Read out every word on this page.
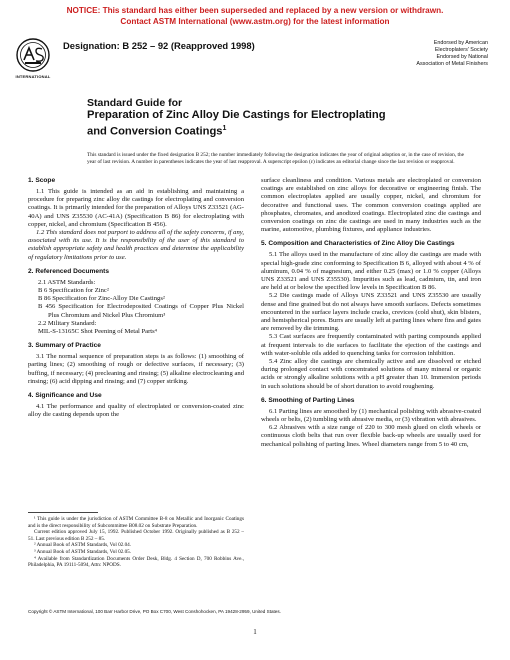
NOTICE: This standard has either been superseded and replaced by a new version or withdrawn.
Contact ASTM International (www.astm.org) for the latest information
INTERNATIONAL
Designation: B 252 – 92 (Reapproved 1998)	Endorsed by American
Electroplaters' Society
Endorsed by National
Association of Metal Finishers
Standard Guide for
Preparation of Zinc Alloy Die Castings for Electroplating
and Conversion Coatings$^1$
This standard is issued under the fixed designation B 252; the number immediately following the designation indicates the year of original adoption or, in the case of revision, the year of last revision. A number in parentheses indicates the year of last reapproval. A superscript epsilon (ε) indicates an editorial change since the last revision or reapproval.
1. Scope

1.1 This guide is intended as an aid in establishing and maintaining a procedure for preparing zinc alloy die castings for electroplating and conversion coatings. It is primarily intended for the preparation of Alloys UNS Z33521 (AG-40A) and UNS Z35530 (AC-41A) (Specification B 86) for electroplating with copper, nickel, and chromium (Specification B 456).

1.2 This standard does not purport to address all of the safety concerns, if any, associated with its use. It is the responsibility of the user of this standard to establish appropriate safety and health practices and determine the applicability of regulatory limitations prior to use.

2. Referenced Documents

2.1 ASTM Standards:

B 6 Specification for Zinc²

B 86 Specification for Zinc-Alloy Die Castings²

B 456 Specification for Electrodeposited Coatings of Copper Plus Nickel Plus Chromium and Nickel Plus Chromium³

2.2 Military Standard:

MIL-S-13165C Shot Peening of Metal Parts⁴

3. Summary of Practice

3.1 The normal sequence of preparation steps is as follows: (1) smoothing of parting lines; (2) smoothing of rough or defective surfaces, if necessary; (3) buffing, if necessary; (4) precleaning and rinsing; (5) alkaline electrocleaning and rinsing; (6) acid dipping and rinsing; and (7) copper striking.

4. Significance and Use

4.1 The performance and quality of electroplated or conversion-coated zinc alloy die casting depends upon the

surface cleanliness and condition. Various metals are electroplated or conversion coatings are established on zinc alloys for decorative or engineering finish. The common electroplates applied are usually copper, nickel, and chromium for decorative and functional uses. The common conversion coatings applied are phosphates, chromates, and anodized coatings. Electroplated zinc die castings and conversion coatings on zinc die castings are used in many industries such as the marine, automotive, plumbing fixtures, and appliance industries.

5. Composition and Characteristics of Zinc Alloy Die Castings

5.1 The alloys used in the manufacture of zinc alloy die castings are made with special high-grade zinc conforming to Specification B 6, alloyed with about 4 % of aluminum, 0.04 % of magnesium, and either 0.25 (max) or 1.0 % copper (Alloys UNS Z33521 and UNS Z35530). Impurities such as lead, cadmium, tin, and iron are held at or below the specified low levels in Specification B 86.

5.2 Die castings made of Alloys UNS Z33521 and UNS Z35530 are usually dense and fine grained but do not always have smooth surfaces. Defects sometimes encountered in the surface layers include cracks, crevices (cold shut), skin blisters, and hemispherical pores. Burrs are usually left at parting lines where fins and gates are removed by die trimming.

5.3 Cast surfaces are frequently contaminated with parting compounds applied at frequent intervals to die surfaces to facilitate the ejection of the castings and with water-soluble oils added to quenching tanks for corrosion inhibition.

5.4 Zinc alloy die castings are chemically active and are dissolved or etched during prolonged contact with concentrated solutions of many mineral or organic acids or strongly alkaline solutions with a pH greater than 10. Immersion periods in such solutions should be of short duration to avoid roughening.

6. Smoothing of Parting Lines

6.1 Parting lines are smoothed by (1) mechanical polishing with abrasive-coated wheels or belts, (2) tumbling with abrasive media, or (3) vibration with abrasives.

6.2 Abrasives with a size range of 220 to 300 mesh glued on cloth wheels or continuous cloth belts that run over flexible back-up wheels are usually used for mechanical polishing of parting lines. Wheel diameters range from 5 to 40 cm,

¹ This guide is under the jurisdiction of ASTM Committee B-8 on Metallic and Inorganic Coatings and is the direct responsibility of Subcommittee B08.02 on Substrate Preparation.

Current edition approved July 15, 1992. Published October 1992. Originally published as B 252 – 51. Last previous edition B 252 – 85.

² Annual Book of ASTM Standards, Vol 02.04.

³ Annual Book of ASTM Standards, Vol 02.05.

⁴ Available from Standardization Documents Order Desk, Bldg. 4 Section D, 700 Robbins Ave., Philadelphia, PA 19111-5094, Attn: NPODS.

Copyright © ASTM International, 100 Barr Harbor Drive, PO Box C700, West Conshohocken, PA 19428-2959, United States.
1
